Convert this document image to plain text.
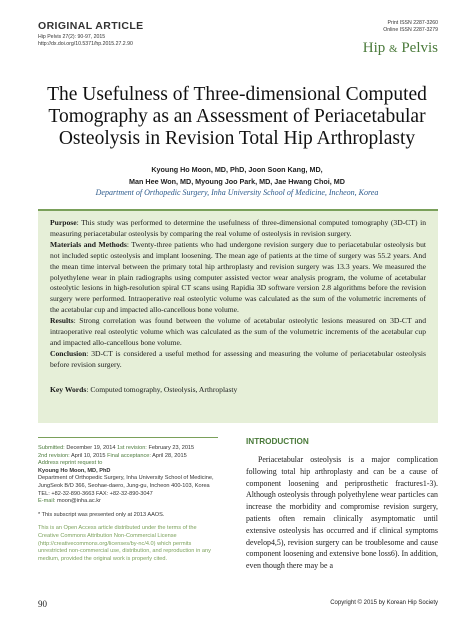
ORIGINAL ARTICLE
Hip Pelvis 27(2): 90-97, 2015
http://dx.doi.org/10.5371/hp.2015.27.2.90
Print ISSN 2287-3260
Online ISSN 2287-3279
Hip & Pelvis
The Usefulness of Three-dimensional Computed
Tomography as an Assessment of Periacetabular
Osteolysis in Revision Total Hip Arthroplasty
Kyoung Ho Moon, MD, PhD, Joon Soon Kang, MD,
Man Hee Won, MD, Myoung Joo Park, MD, Jae Hwang Choi, MD
Department of Orthopedic Surgery, Inha University School of Medicine, Incheon, Korea

Purpose: This study was performed to determine the usefulness of three-dimensional computed tomography (3D-CT) in measuring periacetabular osteolysis by comparing the real volume of osteolysis in revision surgery.

Materials and Methods: Twenty-three patients who had undergone revision surgery due to periacetabular osteolysis but not included septic osteolysis and implant loosening. The mean age of patients at the time of surgery was 55.2 years. And the mean time interval between the primary total hip arthroplasty and revision surgery was 13.3 years. We measured the polyethylene wear in plain radiographs using computer assisted vector wear analysis program, the volume of acetabular osteolytic lesions in high-resolution spiral CT scans using Rapidia 3D software version 2.8 algorithms before the revision surgery were performed. Intraoperative real osteolytic volume was calculated as the sum of the volumetric increments of the acetabular cup and impacted allo-cancellous bone volume.

Results: Strong correlation was found between the volume of acetabular osteolytic lesions measured on 3D-CT and intraoperative real osteolytic volume which was calculated as the sum of the volumetric increments of the acetabular cup and impacted allo-cancellous bone volume.

Conclusion: 3D-CT is considered a useful method for assessing and measuring the volume of periacetabular osteolysis before revision surgery.

Key Words: Computed tomography, Osteolysis, Arthroplasty

Submitted: December 19, 2014 1st revision: February 23, 2015
2nd revision: April 10, 2015 Final acceptance: April 28, 2015
Address reprint request to
Kyoung Ho Moon, MD, PhD
Department of Orthopedic Surgery, Inha University School of Medicine,
JungSeok B/D 366, Seohae-daero, Jung-gu, Incheon 400-103, Korea
TEL: +82-32-890-3663 FAX: +82-32-890-3047
E-mail: moon@inha.ac.kr
* This subscript was presented only at 2013 AAOS.
This is an Open Access article distributed under the terms of the Creative Commons Attribution Non-Commercial License (http://creativecommons.org/licenses/by-nc/4.0) which permits unrestricted non-commercial use, distribution, and reproduction in any medium, provided the original work is properly cited.
INTRODUCTION

Periacetabular osteolysis is a major complication following total hip arthroplasty and can be a cause of component loosening and periprosthetic fractures1-3). Although osteolysis through polyethylene wear particles can increase the morbidity and compromise revision surgery, patients often remain clinically asymptomatic until extensive osteolysis has occurred and if clinical symptoms develop4,5), revision surgery can be troublesome and cause component loosening and extensive bone loss6). In addition, even though there may be a

90	Copyright © 2015 by Korean Hip Society
